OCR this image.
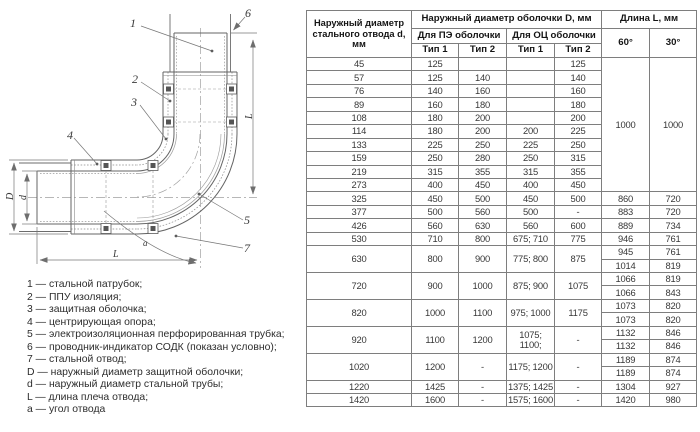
D d
L
L
a
1
6
2
3
4
5
7
1 — стальной патрубок;
2 — ППУ изоляция;
3 — защитная оболочка;
4 — центрирующая опора;
5 — электроизоляционная перфорированная трубка;
6 — проводник-индикатор СОДК (показан условно);
7 — стальной отвод;
D — наружный диаметр защитной оболочки;
d — наружный диаметр стальной трубы;
L — длина плеча отвода;
a — угол отвода
Наружный диаметр стального отвода d, мм	Наружный диаметр оболочки D, мм				Длина L, мм	
	Для ПЭ оболочки		Для ОЦ оболочки		60°	30°
	Тип 1	Тип 2	Тип 1	Тип 2		
45	125			125	1000	1000
57	125	140		140		
76	140	160		160		
89	160	180		180		
108	180	200		200		
114	180	200	200	225		
133	225	250	225	250		
159	250	280	250	315		
219	315	355	315	355		
273	400	450	400	450		
325	450	500	450	500	860	720
377	500	560	500	-	883	720
426	560	630	560	600	889	734
530	710	800	675; 710	775	946	761
630	800	900	775; 800	875	945	761
					1014	819
720	900	1000	875; 900	1075	1066	819
					1066	843
820	1000	1100	975; 1000	1175	1073	820
					1073	820
920	1100	1200	1075; 1100;	-	1132	846
					1132	846
1020	1200	-	1175; 1200	-	1189	874
					1189	874
1220	1425	-	1375; 1425	-	1304	927
1420	1600	-	1575; 1600	-	1420	980
